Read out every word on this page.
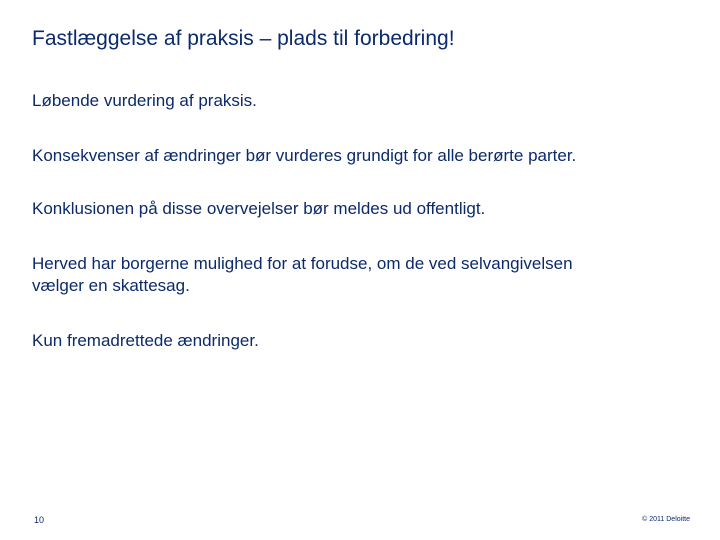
Fastlæggelse af praksis – plads til forbedring!
Løbende vurdering af praksis.
Konsekvenser af ændringer bør vurderes grundigt for alle berørte parter.
Konklusionen på disse overvejelser bør meldes ud offentligt.
Herved har borgerne mulighed for at forudse, om de ved selvangivelsen
vælger en skattesag.
Kun fremadrettede ændringer.
10	© 2011 Deloitte
